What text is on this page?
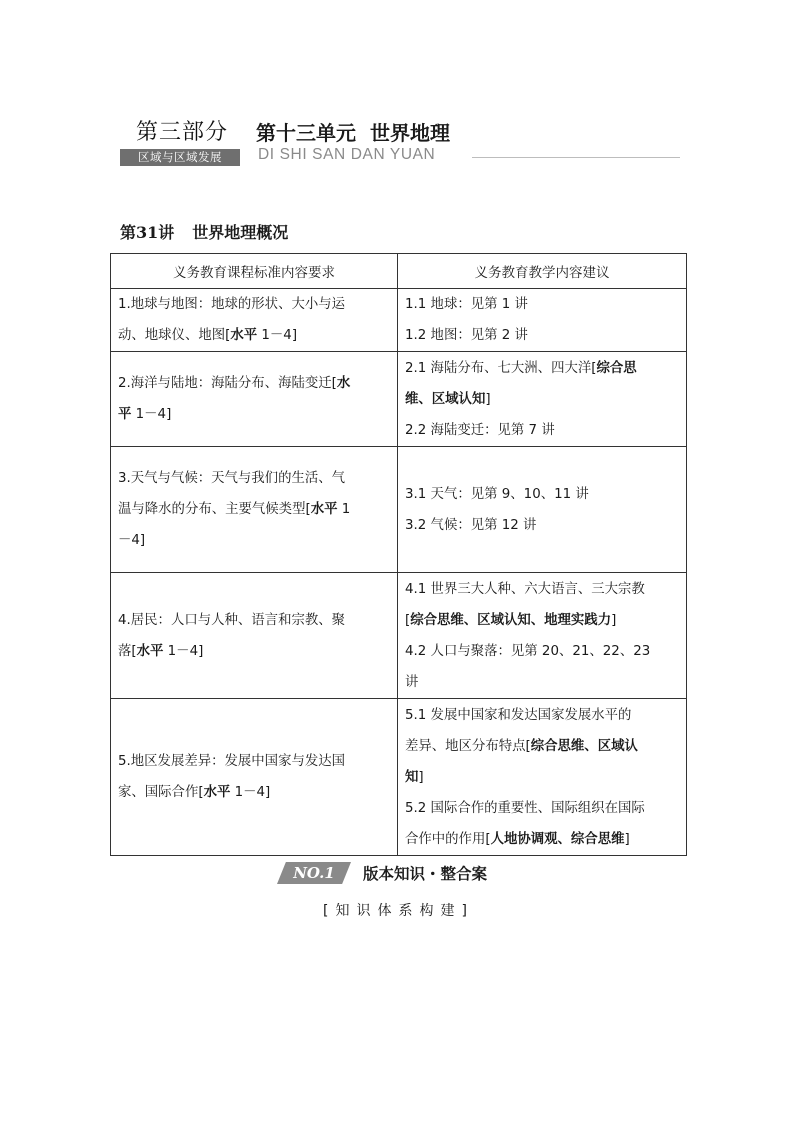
第三部分 第十三单元 世界地理
区域与区域发展	DI SHI SAN DAN YUAN
第31讲 世界地理概况
义务教育课程标准内容要求	义务教育教学内容建议

1.地球与地图：地球的形状、大小与运
动、地球仪、地图[水平 1－4]	1.1 地球：见第 1 讲
1.2 地图：见第 2 讲

2.海洋与陆地：海陆分布、海陆变迁[水
平 1－4]	2.1 海陆分布、七大洲、四大洋[综合思
维、区域认知]
2.2 海陆变迁：见第 7 讲

3.天气与气候：天气与我们的生活、气
温与降水的分布、主要气候类型[水平 1
－4]	3.1 天气：见第 9、10、11 讲
3.2 气候：见第 12 讲

4.居民：人口与人种、语言和宗教、聚
落[水平 1－4]	4.1 世界三大人种、六大语言、三大宗教
[综合思维、区域认知、地理实践力]
4.2 人口与聚落：见第 20、21、22、23
讲

5.地区发展差异：发展中国家与发达国
家、国际合作[水平 1－4]	5.1 发展中国家和发达国家发展水平的
差异、地区分布特点[综合思维、区域认
知]
5.2 国际合作的重要性、国际组织在国际
合作中的作用[人地协调观、综合思维]
NO.1	版本知识・整合案
[知识体系构建]
